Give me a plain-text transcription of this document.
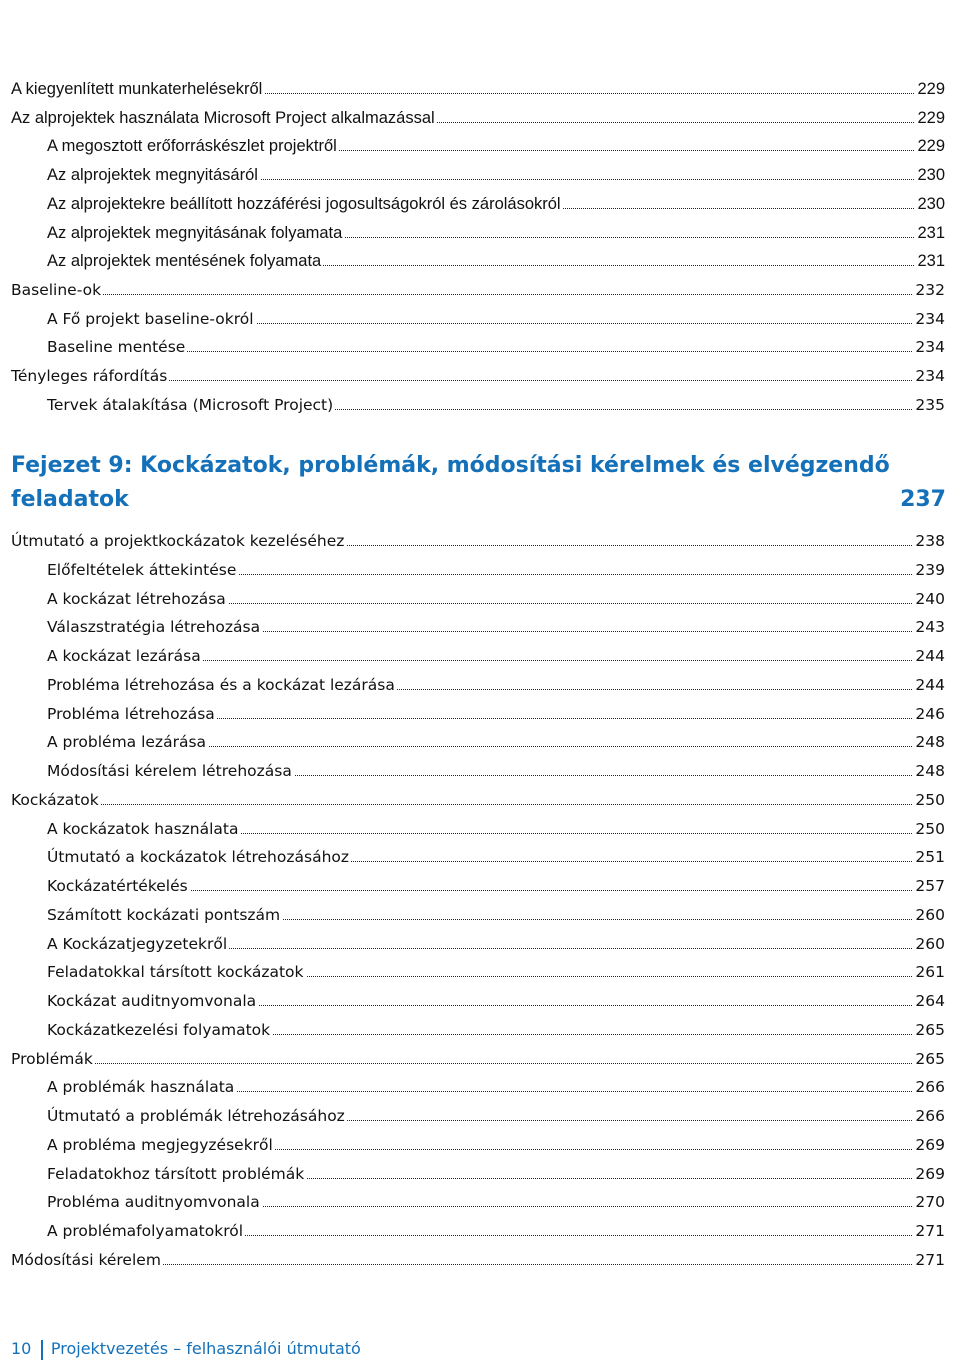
A kiegyenlített munkaterhelésekről	229
Az alprojektek használata Microsoft Project alkalmazással	229
A megosztott erőforráskészlet projektről	229
Az alprojektek megnyitásáról	230
Az alprojektekre beállított hozzáférési jogosultságokról és zárolásokról	230
Az alprojektek megnyitásának folyamata	231
Az alprojektek mentésének folyamata	231
Baseline-ok	232
A Fő projekt baseline-okról	234
Baseline mentése	234
Tényleges ráfordítás	234
Tervek átalakítása (Microsoft Project)	235
Útmutató a projektkockázatok kezeléséhez	238
Előfeltételek áttekintése	239
A kockázat létrehozása	240
Válaszstratégia létrehozása	243
A kockázat lezárása	244
Probléma létrehozása és a kockázat lezárása	244
Probléma létrehozása	246
A probléma lezárása	248
Módosítási kérelem létrehozása	248
Kockázatok	250
A kockázatok használata	250
Útmutató a kockázatok létrehozásához	251
Kockázatértékelés	257
Számított kockázati pontszám	260
A Kockázatjegyzetekről	260
Feladatokkal társított kockázatok	261
Kockázat auditnyomvonala	264
Kockázatkezelési folyamatok	265
Problémák	265
A problémák használata	266
Útmutató a problémák létrehozásához	266
A probléma megjegyzésekről	269
Feladatokhoz társított problémák	269
Probléma auditnyomvonala	270
A problémafolyamatokról	271
Módosítási kérelem	271
Fejezet 9: Kockázatok, problémák, módosítási kérelmek és elvégzendő
feladatok	237
10 Projektvezetés – felhasználói útmutató
